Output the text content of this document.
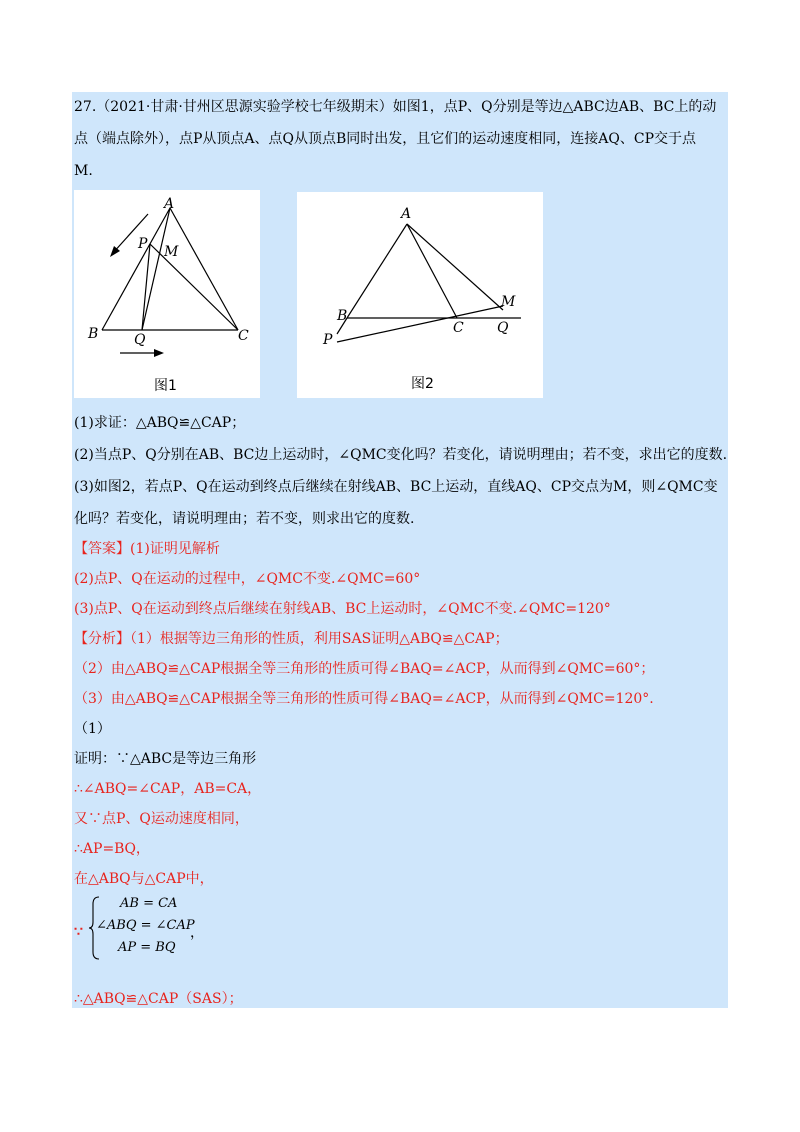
27.（2021·甘肃·甘州区思源实验学校七年级期末）如图1，点P、Q分别是等边△ABC边AB、BC上的动
点（端点除外），点P从顶点A、点Q从顶点B同时出发，且它们的运动速度相同，连接AQ、CP交于点
M.
A
B	C
P
Q
M
图1
A
B
C
P
Q
M
图2
(1)求证：△ABQ≌△CAP；
(2)当点P、Q分别在AB、BC边上运动时，∠QMC变化吗？若变化，请说明理由；若不变，求出它的度数.
(3)如图2，若点P、Q在运动到终点后继续在射线AB、BC上运动，直线AQ、CP交点为M，则∠QMC变
化吗？若变化，请说明理由；若不变，则求出它的度数.
【答案】(1)证明见解析
(2)点P、Q在运动的过程中，∠QMC不变.∠QMC=60°
(3)点P、Q在运动到终点后继续在射线AB、BC上运动时，∠QMC不变.∠QMC=120°
【分析】（1）根据等边三角形的性质，利用SAS证明△ABQ≌△CAP；
（2）由△ABQ≌△CAP根据全等三角形的性质可得∠BAQ=∠ACP，从而得到∠QMC=60°；
（3）由△ABQ≌△CAP根据全等三角形的性质可得∠BAQ=∠ACP，从而得到∠QMC=120°.
（1）
证明：∵△ABC是等边三角形
∴∠ABQ=∠CAP，AB=CA，
又∵点P、Q运动速度相同，
∴AP=BQ，
在△ABQ与△CAP中，
∵
AB = CA
∠ABQ = ∠CAP
AP = BQ
，
∴△ABQ≌△CAP（SAS）；
